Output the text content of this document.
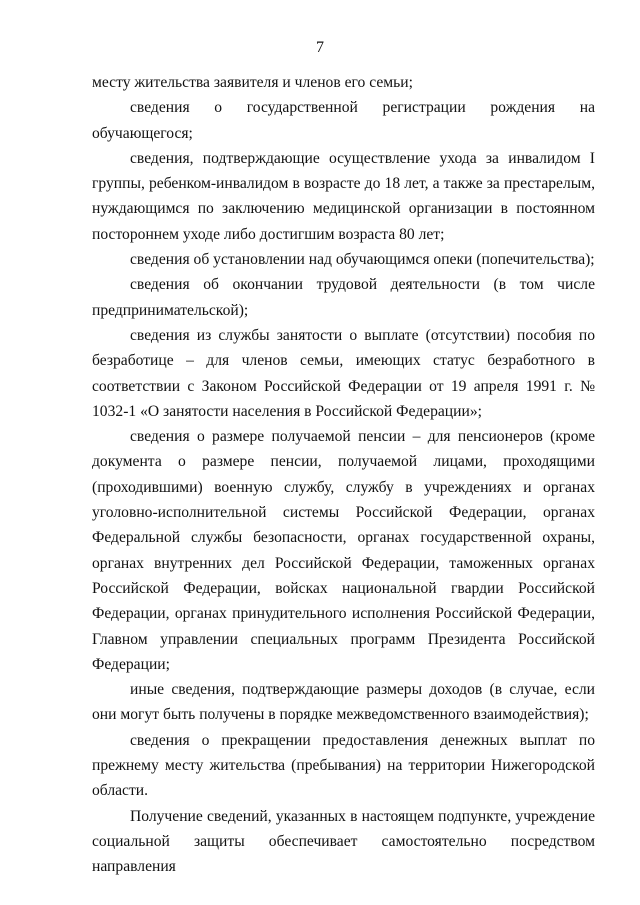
7

месту жительства заявителя и членов его семьи;

сведения о государственной регистрации рождения на обучающегося;

сведения, подтверждающие осуществление ухода за инвалидом I группы, ребенком-инвалидом в возрасте до 18 лет, а также за престарелым, нуждающимся по заключению медицинской организации в постоянном постороннем уходе либо достигшим возраста 80 лет;

сведения об установлении над обучающимся опеки (попечительства);

сведения об окончании трудовой деятельности (в том числе предпринимательской);

сведения из службы занятости о выплате (отсутствии) пособия по безработице – для членов семьи, имеющих статус безработного в соответствии с Законом Российской Федерации от 19 апреля 1991 г. № 1032-1 «О занятости населения в Российской Федерации»;

сведения о размере получаемой пенсии – для пенсионеров (кроме документа о размере пенсии, получаемой лицами, проходящими (проходившими) военную службу, службу в учреждениях и органах уголовно-исполнительной системы Российской Федерации, органах Федеральной службы безопасности, органах государственной охраны, органах внутренних дел Российской Федерации, таможенных органах Российской Федерации, войсках национальной гвардии Российской Федерации, органах принудительного исполнения Российской Федерации, Главном управлении специальных программ Президента Российской Федерации;

иные сведения, подтверждающие размеры доходов (в случае, если они могут быть получены в порядке межведомственного взаимодействия);

сведения о прекращении предоставления денежных выплат по прежнему месту жительства (пребывания) на территории Нижегородской области.

Получение сведений, указанных в настоящем подпункте, учреждение социальной защиты обеспечивает самостоятельно посредством направления
